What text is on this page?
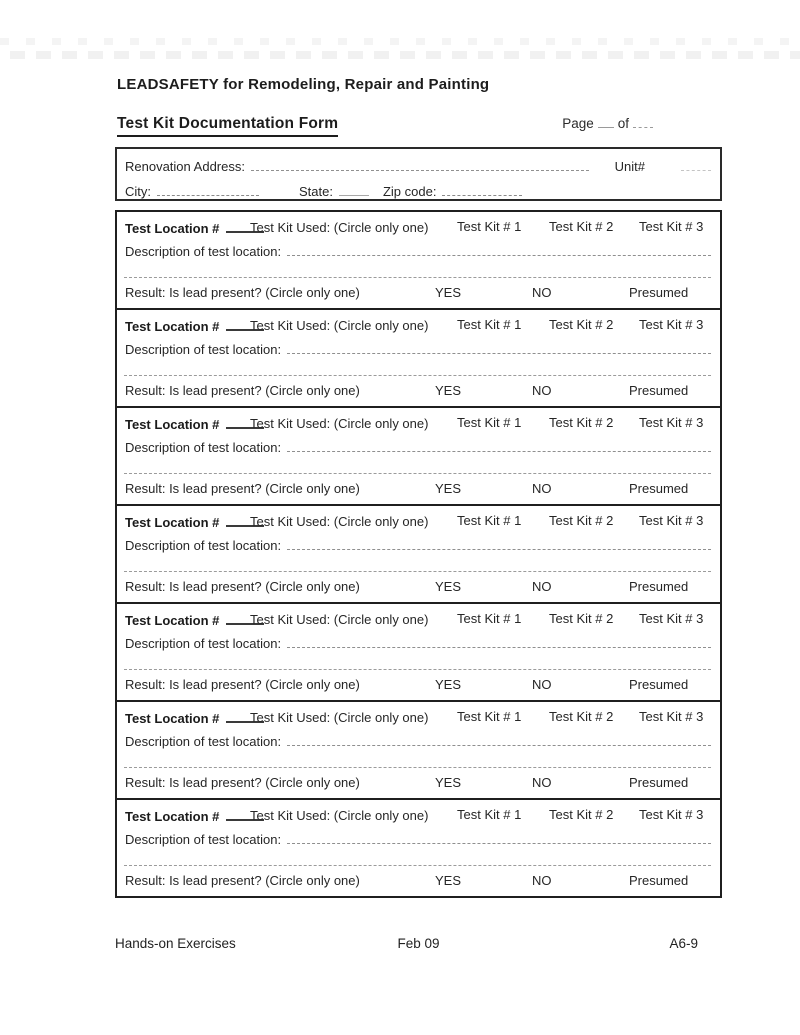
LEADSAFETY for Remodeling, Repair and Painting
Test Kit Documentation Form	Page of
Renovation Address:	Unit#
City:	State:	Zip code:
Test Location # Test Kit Used: (Circle only one) Test Kit # 1 Test Kit # 2 Test Kit # 3
Description of test location:
Result: Is lead present? (Circle only one)	YES	NO	Presumed
Test Location # Test Kit Used: (Circle only one) Test Kit # 1 Test Kit # 2 Test Kit # 3
Description of test location:
Result: Is lead present? (Circle only one)	YES	NO	Presumed
Test Location # Test Kit Used: (Circle only one) Test Kit # 1 Test Kit # 2 Test Kit # 3
Description of test location:
Result: Is lead present? (Circle only one)	YES	NO	Presumed
Test Location # Test Kit Used: (Circle only one) Test Kit # 1 Test Kit # 2 Test Kit # 3
Description of test location:
Result: Is lead present? (Circle only one)	YES	NO	Presumed
Test Location # Test Kit Used: (Circle only one) Test Kit # 1 Test Kit # 2 Test Kit # 3
Description of test location:
Result: Is lead present? (Circle only one)	YES	NO	Presumed
Test Location # Test Kit Used: (Circle only one) Test Kit # 1 Test Kit # 2 Test Kit # 3
Description of test location:
Result: Is lead present? (Circle only one)	YES	NO	Presumed
Test Location # Test Kit Used: (Circle only one) Test Kit # 1 Test Kit # 2 Test Kit # 3
Description of test location:
Result: Is lead present? (Circle only one)	YES	NO	Presumed
Hands-on Exercises	Feb 09	A6-9
